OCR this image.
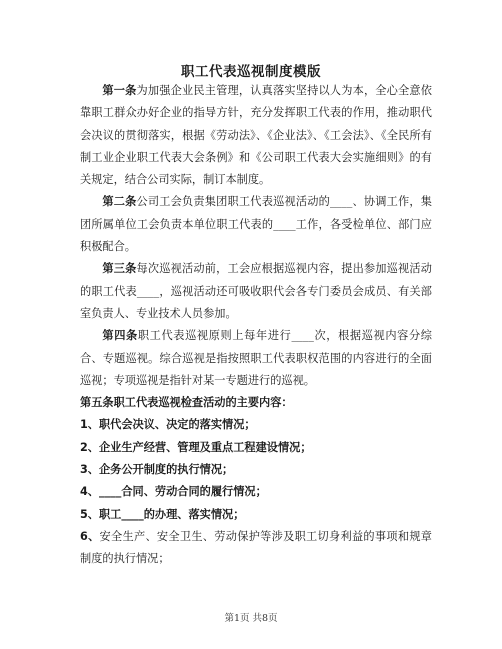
职工代表巡视制度模版

第一条为加强企业民主管理，认真落实坚持以人为本，全心全意依靠职工群众办好企业的指导方针，充分发挥职工代表的作用，推动职代会决议的贯彻落实，根据《劳动法》、《企业法》、《工会法》、《全民所有制工业企业职工代表大会条例》和《公司职工代表大会实施细则》的有关规定，结合公司实际，制订本制度。

第二条公司工会负责集团职工代表巡视活动的____、协调工作，集团所属单位工会负责本单位职工代表的____工作，各受检单位、部门应积极配合。

第三条每次巡视活动前，工会应根据巡视内容，提出参加巡视活动的职工代表____，巡视活动还可吸收职代会各专门委员会成员、有关部室负责人、专业技术人员参加。

第四条职工代表巡视原则上每年进行____次，根据巡视内容分综合、专题巡视。综合巡视是指按照职工代表职权范围的内容进行的全面巡视；专项巡视是指针对某一专题进行的巡视。

第五条职工代表巡视检查活动的主要内容：

1、职代会决议、决定的落实情况；

2、企业生产经营、管理及重点工程建设情况；

3、企务公开制度的执行情况；

4、____合同、劳动合同的履行情况；

5、职工____的办理、落实情况；

6、安全生产、安全卫生、劳动保护等涉及职工切身利益的事项和规章制度的执行情况；

第1页 共8页
